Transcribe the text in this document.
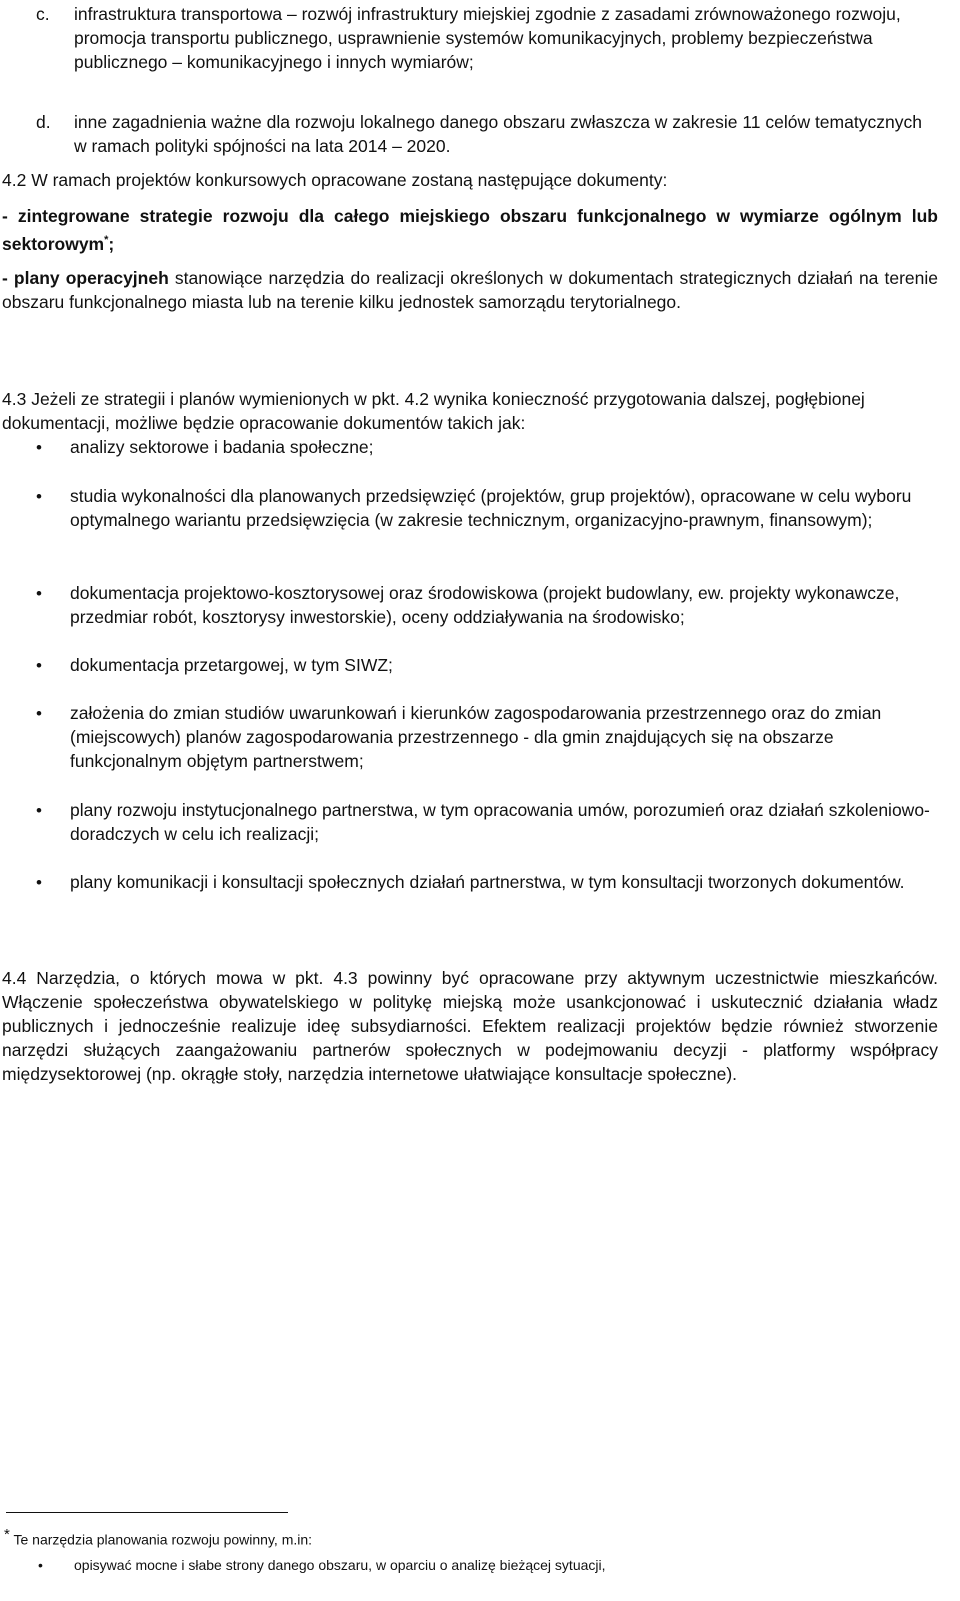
c.	infrastruktura transportowa – rozwój infrastruktury miejskiej zgodnie z zasadami zrównoważonego rozwoju, promocja transportu publicznego, usprawnienie systemów komunikacyjnych, problemy bezpieczeństwa publicznego – komunikacyjnego i innych wymiarów;
d.	inne zagadnienia ważne dla rozwoju lokalnego danego obszaru zwłaszcza w zakresie 11 celów tematycznych  w ramach polityki spójności na lata 2014 – 2020.

4.2 W ramach projektów konkursowych opracowane zostaną następujące dokumenty:

- zintegrowane strategie rozwoju dla całego miejskiego obszaru funkcjonalnego w wymiarze ogólnym lub sektorowym*;

- plany operacyjneh stanowiące narzędzia do realizacji określonych w dokumentach strategicznych działań na terenie obszaru funkcjonalnego miasta lub na terenie kilku jednostek samorządu terytorialnego.

4.3 Jeżeli ze strategii i planów wymienionych w pkt. 4.2 wynika konieczność przygotowania dalszej, pogłębionej dokumentacji, możliwe będzie opracowanie dokumentów takich jak:

•
analizy sektorowe i badania społeczne;
•
studia wykonalności dla planowanych przedsięwzięć (projektów, grup projektów), opracowane w celu wyboru optymalnego wariantu przedsięwzięcia (w zakresie technicznym, organizacyjno-prawnym, finansowym);
•
dokumentacja projektowo-kosztorysowej oraz środowiskowa (projekt budowlany, ew. projekty wykonawcze, przedmiar robót, kosztorysy inwestorskie), oceny oddziaływania na środowisko;
•
dokumentacja przetargowej, w tym SIWZ;
•
założenia do zmian studiów uwarunkowań i kierunków zagospodarowania przestrzennego oraz do zmian (miejscowych) planów zagospodarowania przestrzennego - dla gmin znajdujących się na obszarze funkcjonalnym objętym partnerstwem;
•
plany rozwoju instytucjonalnego partnerstwa, w tym opracowania umów, porozumień oraz działań szkoleniowo-doradczych w celu ich realizacji;
•
plany komunikacji i konsultacji społecznych działań partnerstwa, w tym konsultacji tworzonych dokumentów.

4.4 Narzędzia, o których mowa w pkt. 4.3 powinny być opracowane przy aktywnym uczestnictwie mieszkańców. Włączenie społeczeństwa obywatelskiego w politykę miejską może usankcjonować i uskutecznić działania władz publicznych i jednocześnie realizuje ideę subsydiarności. Efektem realizacji projektów będzie również stworzenie narzędzi służących zaangażowaniu partnerów społecznych w podejmowaniu decyzji - platformy współpracy międzysektorowej (np. okrągłe stoły, narzędzia internetowe ułatwiające konsultacje społeczne).

* Te narzędzia planowania rozwoju powinny, m.in:
•
opisywać mocne i słabe strony danego obszaru, w oparciu o analizę bieżącej sytuacji,
